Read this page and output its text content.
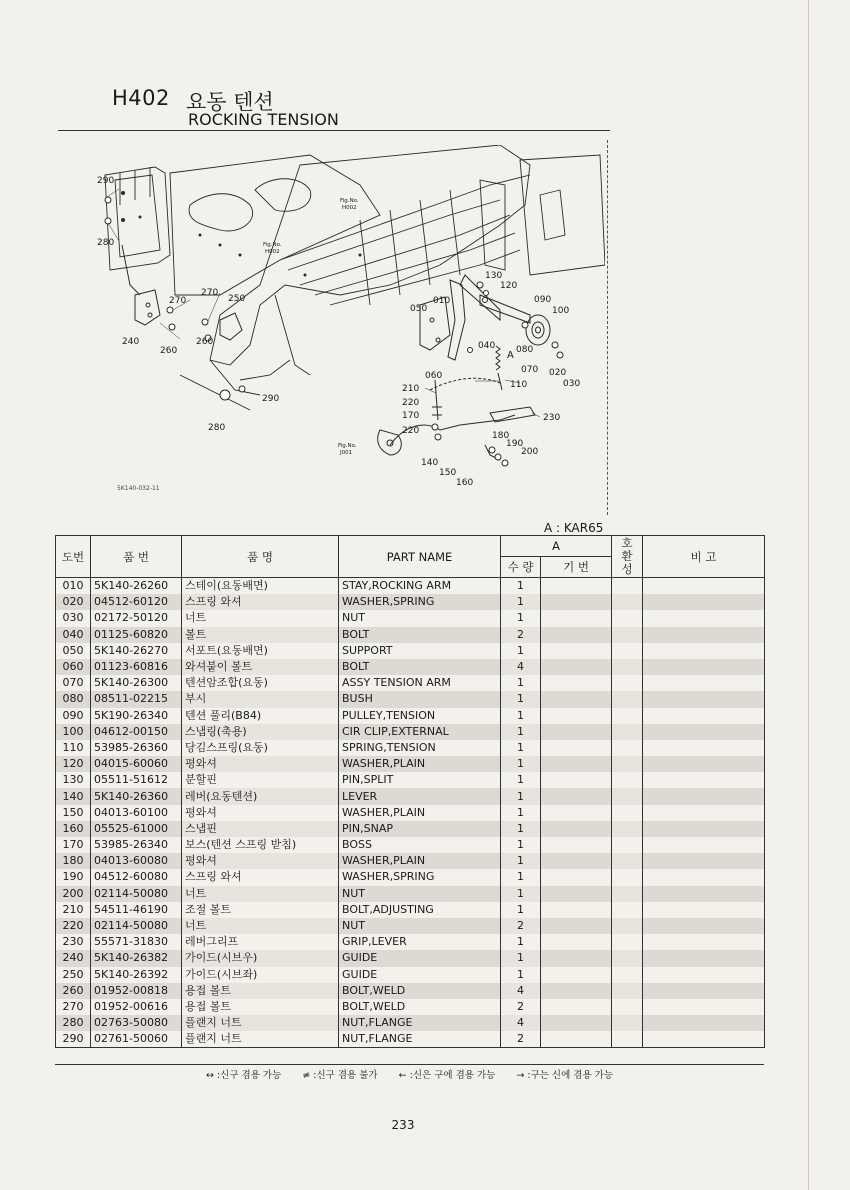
H402 요동 텐션
ROCKING TENSION
290
280
270
270
250
240
260
260
290
280
010
050
040
060
130
120
090
100
080
070 020
030
110
210
220
170
220	180
190
200
140
150
160
230
A
Fig.No.
H002
Fig.No.
H002
Fig.No.
J001
5K140-032-11
A : KAR65
도번	품 번	품 명	PART NAME	A		호환성	비 고
				수 량	기 번		
010	5K140-26260	스테이(요동배면)	STAY,ROCKING ARM	1			
020	04512-60120	스프링 와셔	WASHER,SPRING	1			
030	02172-50120	너트	NUT	1			
040	01125-60820	볼트	BOLT	2			
050	5K140-26270	서포트(요동배면)	SUPPORT	1			
060	01123-60816	와셔붙이 볼트	BOLT	4			
070	5K140-26300	텐션암조합(요동)	ASSY TENSION ARM	1			
080	08511-02215	부시	BUSH	1			
090	5K190-26340	텐션 풀리(B84)	PULLEY,TENSION	1			
100	04612-00150	스냅링(축용)	CIR CLIP,EXTERNAL	1			
110	53985-26360	당김스프링(요동)	SPRING,TENSION	1			
120	04015-60060	평와셔	WASHER,PLAIN	1			
130	05511-51612	분할핀	PIN,SPLIT	1			
140	5K140-26360	레버(요동텐션)	LEVER	1			
150	04013-60100	평와셔	WASHER,PLAIN	1			
160	05525-61000	스냅핀	PIN,SNAP	1			
170	53985-26340	보스(텐션 스프링 받침)	BOSS	1			
180	04013-60080	평와셔	WASHER,PLAIN	1			
190	04512-60080	스프링 와셔	WASHER,SPRING	1			
200	02114-50080	너트	NUT	1			
210	54511-46190	조절 볼트	BOLT,ADJUSTING	1			
220	02114-50080	너트	NUT	2			
230	55571-31830	레버그리프	GRIP,LEVER	1			
240	5K140-26382	가이드(시브우)	GUIDE	1			
250	5K140-26392	가이드(시브좌)	GUIDE	1			
260	01952-00818	용접 볼트	BOLT,WELD	4			
270	01952-00616	용접 볼트	BOLT,WELD	2			
280	02763-50080	플랜지 너트	NUT,FLANGE	4			
290	02761-50060	플랜지 너트	NUT,FLANGE	2			
↔ :신구 겸용 가능 ≠ :신구 겸용 불가 ← :신은 구에 겸용 가능 → :구는 신에 겸용 가능
233
